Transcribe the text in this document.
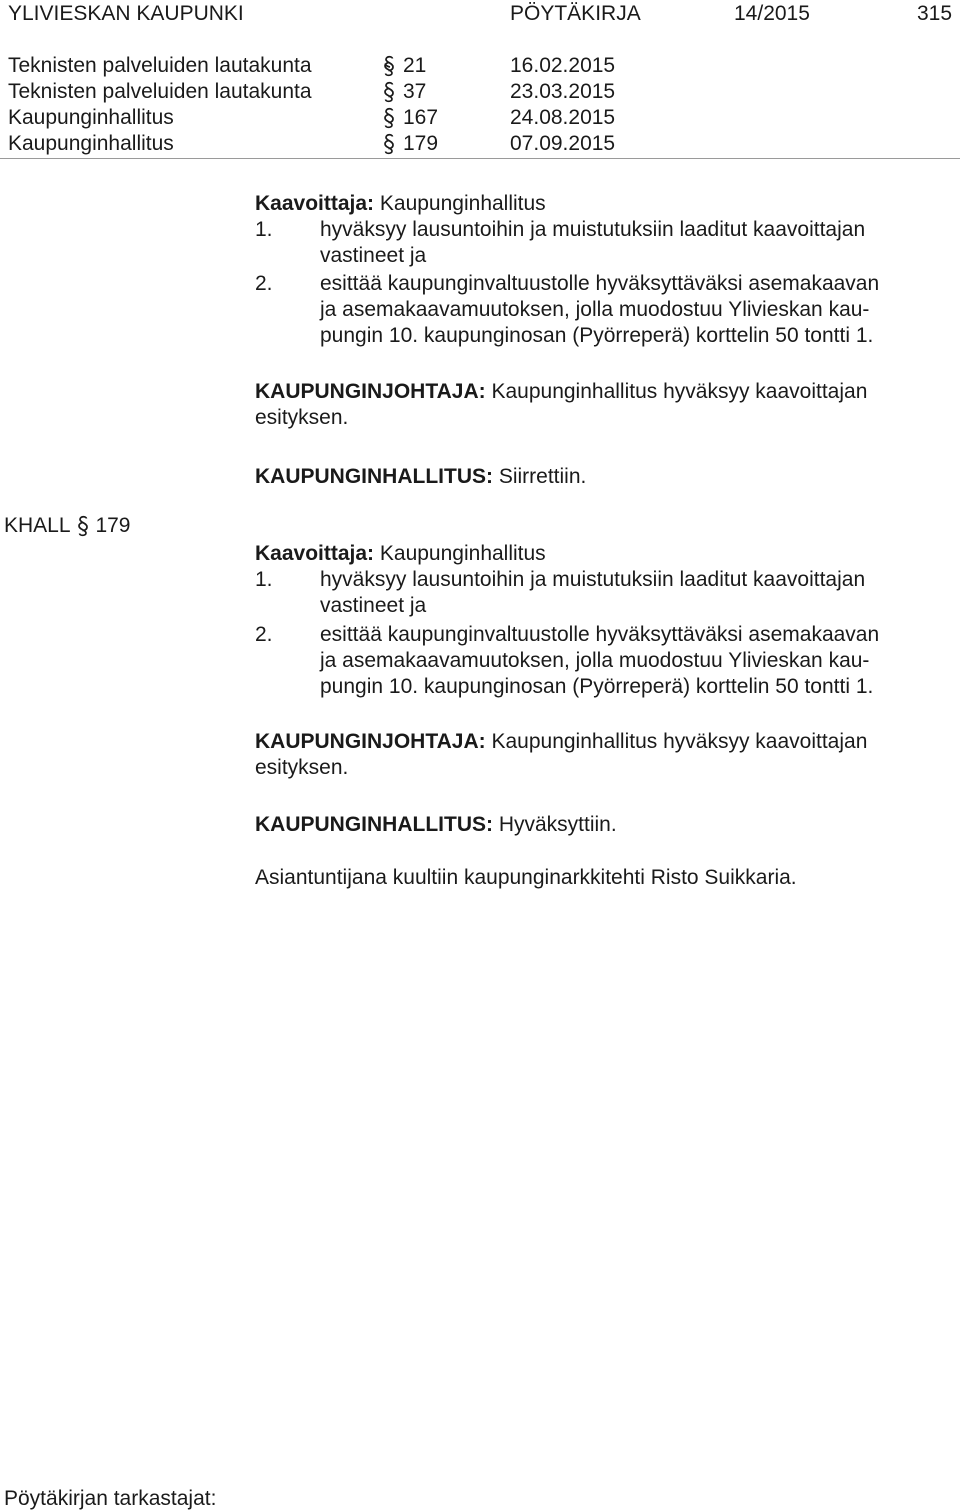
YLIVIESKAN KAUPUNKI	PÖYTÄKIRJA	14/2015	315
Teknisten palveluiden lautakunta	21	16.02.2015
Teknisten palveluiden lautakunta	37	23.03.2015
Kaupunginhallitus	167	24.08.2015
Kaupunginhallitus	179	07.09.2015
Kaavoittaja: Kaupunginhallitus
1. hyväksyy lausuntoihin ja muistutuksiin laaditut kaavoittajan
vastineet ja
2. esittää kaupunginvaltuustolle hyväksyttäväksi asemakaavan
ja asemakaavamuutoksen, jolla muodostuu Ylivieskan kau-
pungin 10. kaupunginosan (Pyörreperä) korttelin 50 tontti 1.
KAUPUNGINJOHTAJA: Kaupunginhallitus hyväksyy kaavoittajan
esityksen.
KAUPUNGINHALLITUS: Siirrettiin.
KHALL 179
Kaavoittaja: Kaupunginhallitus
1. hyväksyy lausuntoihin ja muistutuksiin laaditut kaavoittajan
vastineet ja
2. esittää kaupunginvaltuustolle hyväksyttäväksi asemakaavan
ja asemakaavamuutoksen, jolla muodostuu Ylivieskan kau-
pungin 10. kaupunginosan (Pyörreperä) korttelin 50 tontti 1.
KAUPUNGINJOHTAJA: Kaupunginhallitus hyväksyy kaavoittajan
esityksen.
KAUPUNGINHALLITUS: Hyväksyttiin.
Asiantuntijana kuultiin kaupunginarkkitehti Risto Suikkaria.
Pöytäkirjan tarkastajat:
